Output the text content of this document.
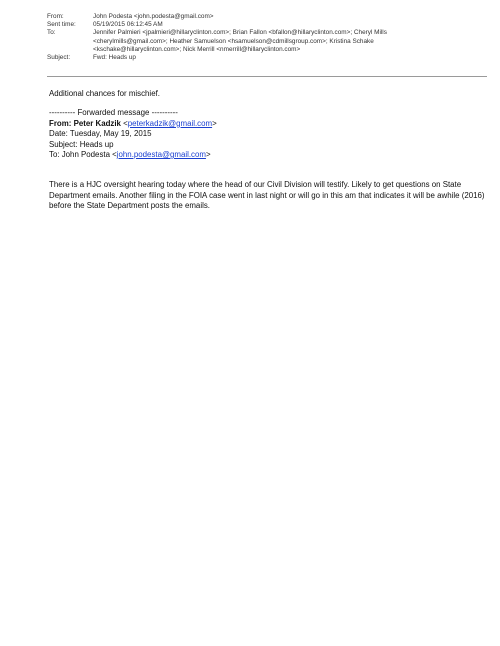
From:	John Podesta <john.podesta@gmail.com>
Sent time:	05/19/2015 06:12:45 AM
To:	Jennifer Palmieri <jpalmieri@hillaryclinton.com>; Brian Fallon <bfallon@hillaryclinton.com>; Cheryl Mills
<cherylmills@gmail.com>; Heather Samuelson <hsamuelson@cdmillsgroup.com>; Kristina Schake
<kschake@hillaryclinton.com>; Nick Merrill <nmerrill@hillaryclinton.com>
Subject:	Fwd: Heads up

Additional chances for mischief.

---------- Forwarded message ----------
From: Peter Kadzik <peterkadzik@gmail.com>
Date: Tuesday, May 19, 2015
Subject: Heads up
To: John Podesta <john.podesta@gmail.com>

There is a HJC oversight hearing today where the head of our Civil Division will testify. Likely to get questions on State Department emails. Another filing in the FOIA case went in last night or will go in this am that indicates it will be awhile (2016) before the State Department posts the emails.
